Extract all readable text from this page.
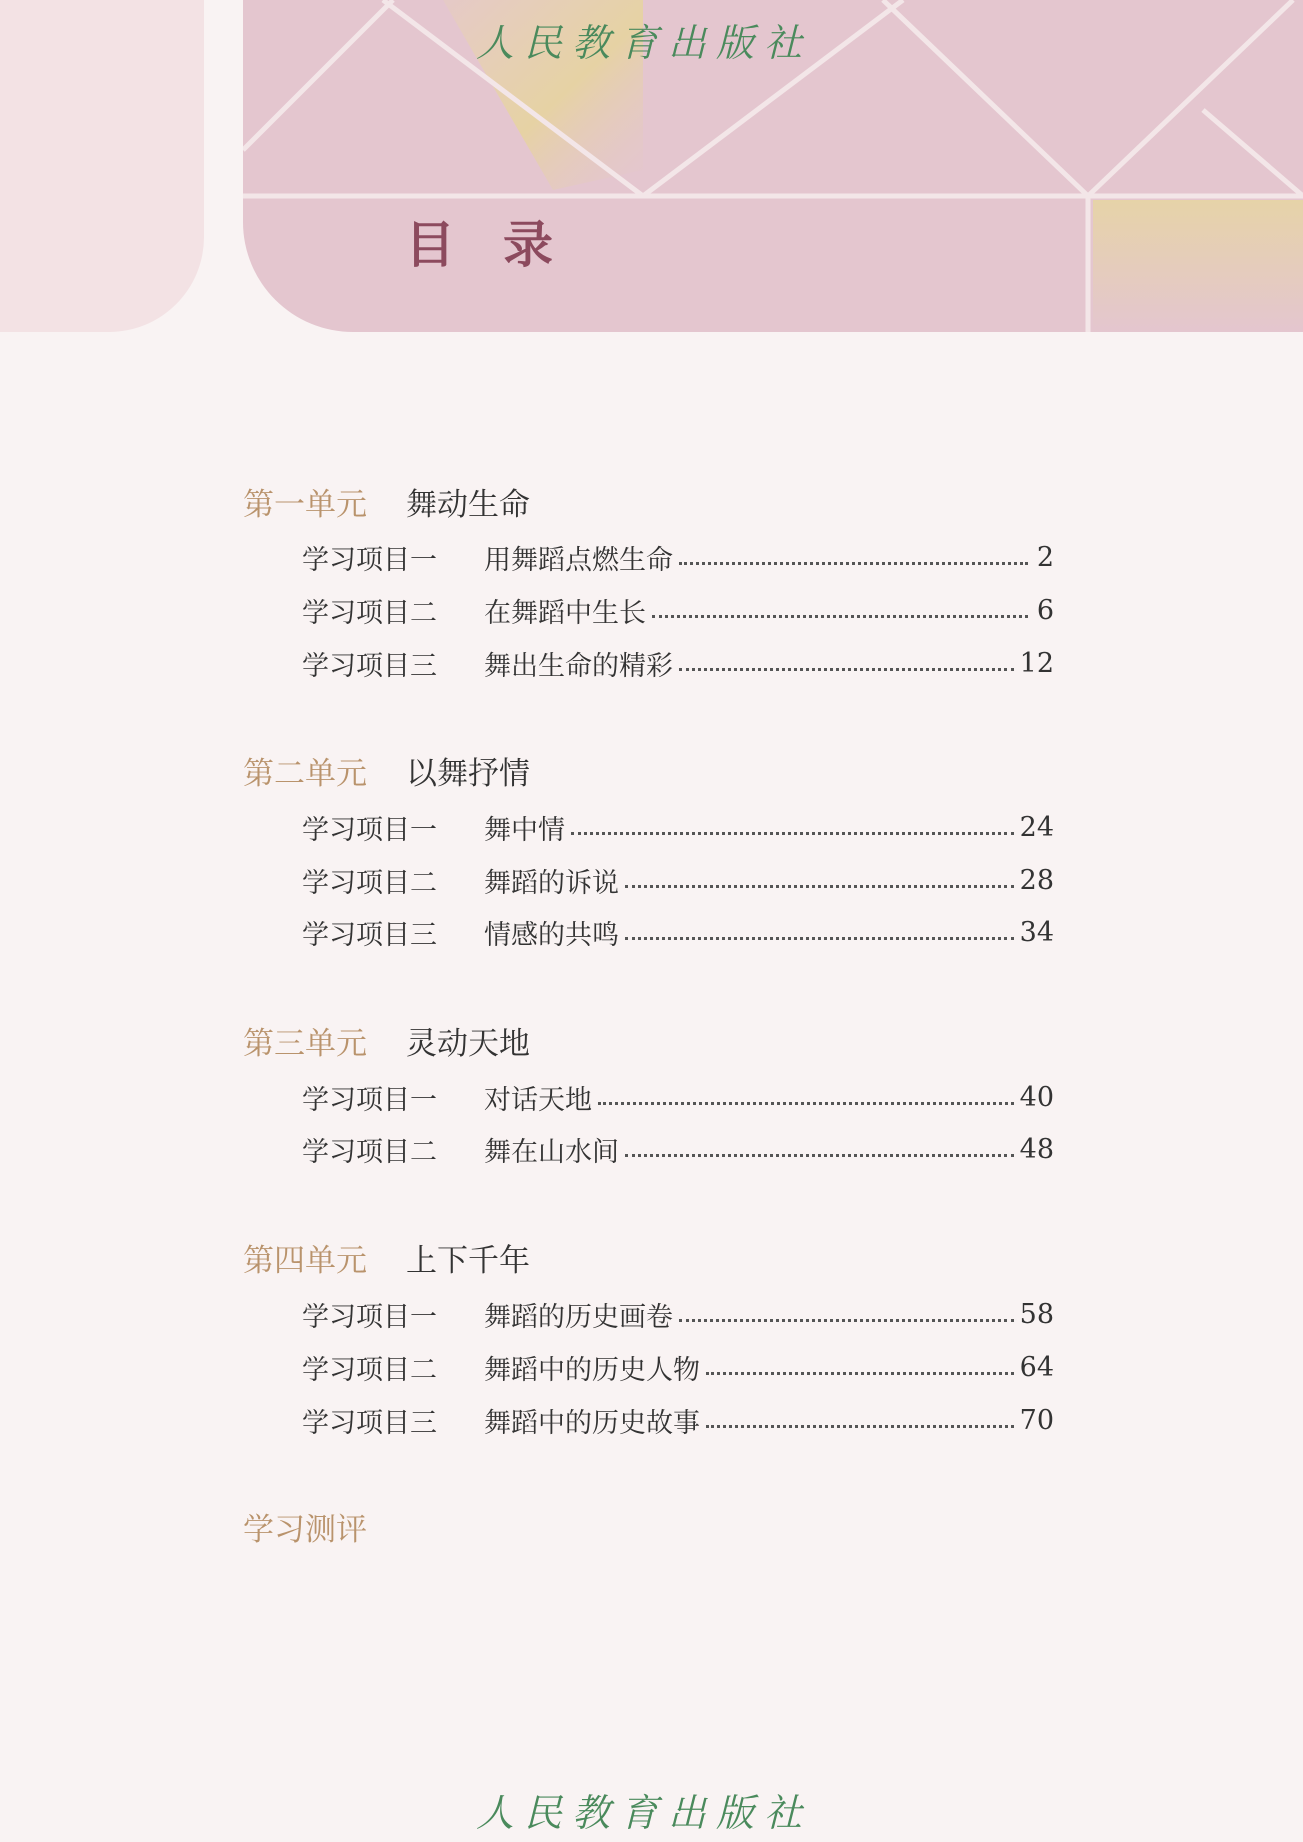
人民教育出版社
目录
第一单元	舞动生命
学习项目一	用舞蹈点燃生命	2
学习项目二	在舞蹈中生长	6
学习项目三	舞出生命的精彩	12
第二单元	以舞抒情
学习项目一	舞中情	24
学习项目二	舞蹈的诉说	28
学习项目三	情感的共鸣	34
第三单元	灵动天地
学习项目一	对话天地	40
学习项目二	舞在山水间	48
第四单元	上下千年
学习项目一	舞蹈的历史画卷	58
学习项目二	舞蹈中的历史人物	64
学习项目三	舞蹈中的历史故事	70
学习测评
人民教育出版社
